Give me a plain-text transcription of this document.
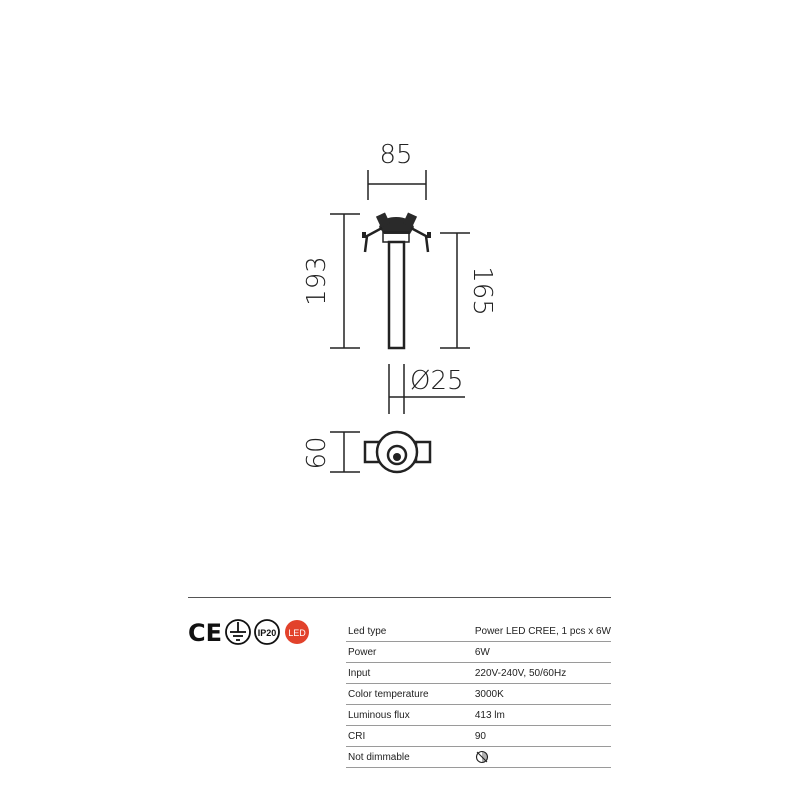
85
193	165
Ø25
60
CE	IP20 LED	Led type	Power LED CREE, 1 pcs x 6W
Power	6W
Input	220V-240V, 50/60Hz
Color temperature	3000K
Luminous flux	413 lm
CRI	90
Not dimmable	
